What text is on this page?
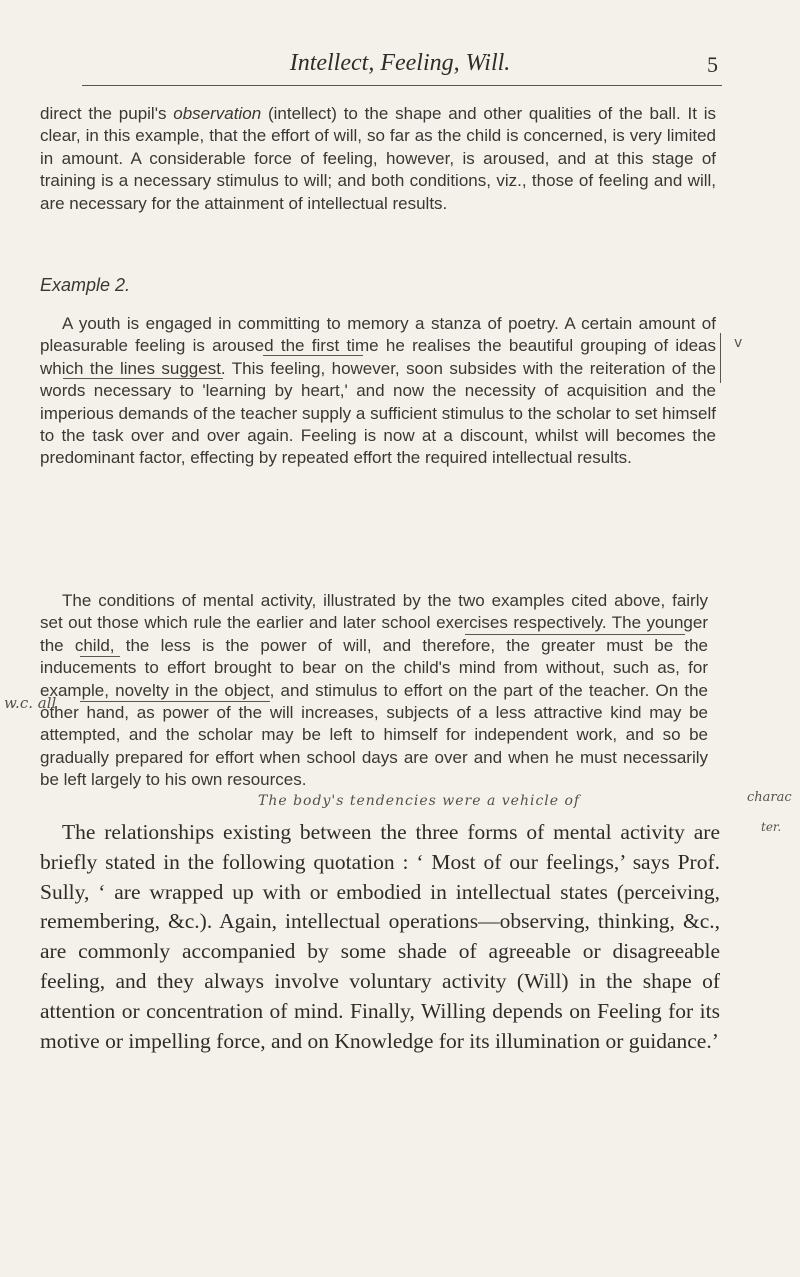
Intellect, Feeling, Will.	5
direct the pupil's observation (intellect) to the shape and other qualities of the ball. It is clear, in this example, that the effort of will, so far as the child is concerned, is very limited in amount. A considerable force of feeling, however, is aroused, and at this stage of training is a necessary stimulus to will; and both conditions, viz., those of feeling and will, are necessary for the attainment of intellectual results.
Example 2.
A youth is engaged in committing to memory a stanza of poetry. A certain amount of pleasurable feeling is aroused the first time he realises the beautiful grouping of ideas which the lines suggest. This feeling, however, soon subsides with the reiteration of the words necessary to 'learning by heart,' and now the necessity of acquisition and the imperious demands of the teacher supply a sufficient stimulus to the scholar to set himself to the task over and over again. Feeling is now at a discount, whilst will becomes the predominant factor, effecting by repeated effort the required intellectual results.
The conditions of mental activity, illustrated by the two examples cited above, fairly set out those which rule the earlier and later school exercises respectively. The younger the child, the less is the power of will, and therefore, the greater must be the inducements to effort brought to bear on the child's mind from without, such as, for example, novelty in the object, and stimulus to effort on the part of the teacher. On the other hand, as power of the will increases, subjects of a less attractive kind may be attempted, and the scholar may be left to himself for independent work, and so be gradually prepared for effort when school days are over and when he must necessarily be left largely to his own resources.
The relationships existing between the three forms of mental activity are briefly stated in the following quotation : ‘ Most of our feelings,’ says Prof. Sully, ‘ are wrapped up with or embodied in intellectual states (perceiving, remembering, &c.). Again, intellectual operations—observing, thinking, &c., are commonly accompanied by some shade of agreeable or disagreeable feeling, and they always involve voluntary activity (Will) in the shape of attention or concentration of mind. Finally, Willing depends on Feeling for its motive or impelling force, and on Knowledge for its illumination or guidance.’
v
w.c. all
The body's tendencies were a vehicle of	charac
ter.
